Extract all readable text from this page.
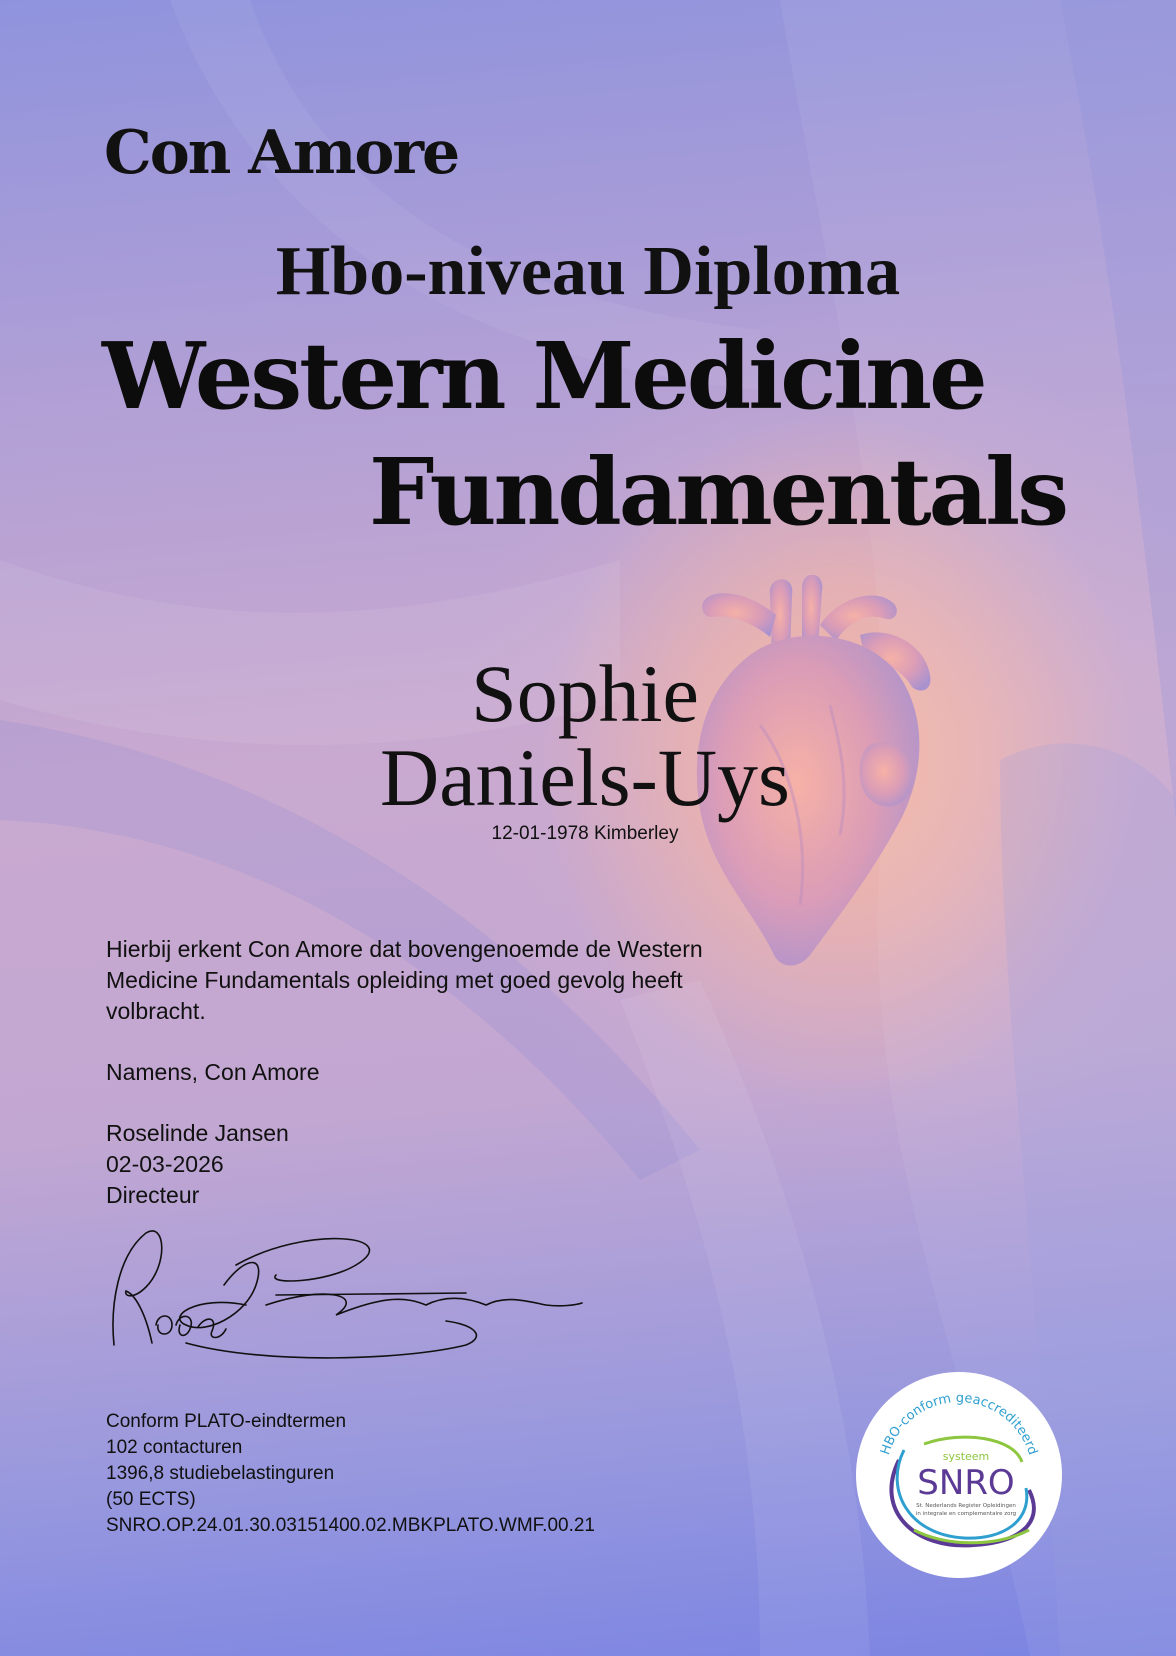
Con Amore
Hbo-niveau Diploma
Western Medicine
Fundamentals
Sophie
Daniels-Uys
12-01-1978 Kimberley

Hierbij erkent Con Amore dat bovengenoemde de Western Medicine Fundamentals opleiding met goed gevolg heeft volbracht.

Namens, Con Amore

Roselinde Jansen
02-03-2026
Directeur
Conform PLATO-eindtermen
102 contacturen
1396,8 studiebelastinguren
(50 ECTS)
SNRO.OP.24.01.30.03151400.02.MBKPLATO.WMF.00.21
HBO-conform geaccrediteerd
systeem
SNRO
St. Nederlands Register Opleidingen
in integrale en complementaire zorg
